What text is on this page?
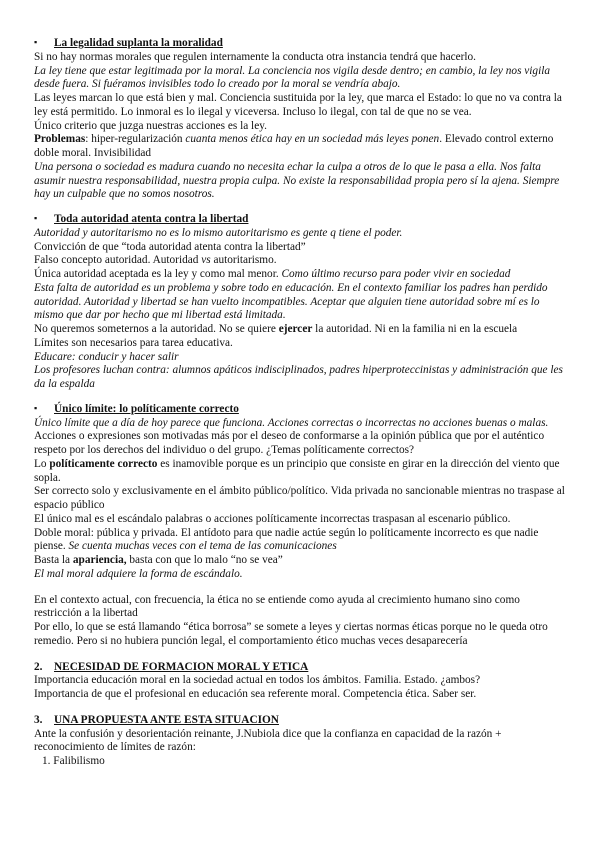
▪ La legalidad suplanta la moralidad

Si no hay normas morales que regulen internamente la conducta otra instancia tendrá que hacerlo.

La ley tiene que estar legitimada por la moral. La conciencia nos vigila desde dentro; en cambio, la ley nos vigila desde fuera. Si fuéramos invisibles todo lo creado por la moral se vendría abajo.

Las leyes marcan lo que está bien y mal. Conciencia sustituida por la ley, que marca el Estado: lo que no va contra la ley está permitido. Lo inmoral es lo ilegal y viceversa. Incluso lo ilegal, con tal de que no se vea.

Único criterio que juzga nuestras acciones es la ley.

Problemas: hiper-regularización cuanta menos ética hay en un sociedad más leyes ponen. Elevado control externo doble moral. Invisibilidad

Una persona o sociedad es madura cuando no necesita echar la culpa a otros de lo que le pasa a ella. Nos falta asumir nuestra responsabilidad, nuestra propia culpa. No existe la responsabilidad propia pero sí la ajena. Siempre hay un culpable que no somos nosotros.

▪ Toda autoridad atenta contra la libertad

Autoridad y autoritarismo no es lo mismo autoritarismo es gente q tiene el poder.

Convicción de que “toda autoridad atenta contra la libertad”

Falso concepto autoridad. Autoridad vs autoritarismo.

Única autoridad aceptada es la ley y como mal menor. Como último recurso para poder vivir en sociedad

Esta falta de autoridad es un problema y sobre todo en educación. En el contexto familiar los padres han perdido autoridad. Autoridad y libertad se han vuelto incompatibles. Aceptar que alguien tiene autoridad sobre mí es lo mismo que dar por hecho que mi libertad está limitada.

No queremos someternos a la autoridad. No se quiere ejercer la autoridad. Ni en la familia ni en la escuela

Límites son necesarios para tarea educativa.

Educare: conducir y hacer salir

Los profesores luchan contra: alumnos apáticos indisciplinados, padres hiperproteccinistas y administración que les da la espalda

▪ Único límite: lo políticamente correcto

Único límite que a día de hoy parece que funciona. Acciones correctas o incorrectas no acciones buenas o malas.

Acciones o expresiones son motivadas más por el deseo de conformarse a la opinión pública que por el auténtico respeto por los derechos del individuo o del grupo. ¿Temas políticamente correctos?

Lo políticamente correcto es inamovible porque es un principio que consiste en girar en la dirección del viento que sopla.

Ser correcto solo y exclusivamente en el ámbito público/político. Vida privada no sancionable mientras no traspase al espacio público

El único mal es el escándalo palabras o acciones políticamente incorrectas traspasan al escenario público.

Doble moral: pública y privada. El antídoto para que nadie actúe según lo políticamente incorrecto es que nadie piense. Se cuenta muchas veces con el tema de las comunicaciones

Basta la apariencia, basta con que lo malo “no se vea”

El mal moral adquiere la forma de escándalo.

En el contexto actual, con frecuencia, la ética no se entiende como ayuda al crecimiento humano sino como restricción a la libertad

Por ello, lo que se está llamando “ética borrosa” se somete a leyes y ciertas normas éticas porque no le queda otro remedio. Pero si no hubiera punción legal, el comportamiento ético muchas veces desaparecería

2. NECESIDAD DE FORMACION MORAL Y ETICA

Importancia educación moral en la sociedad actual en todos los ámbitos. Familia. Estado. ¿ambos?

Importancia de que el profesional en educación sea referente moral. Competencia ética. Saber ser.

3. UNA PROPUESTA ANTE ESTA SITUACION

Ante la confusión y desorientación reinante, J.Nubiola dice que la confianza en capacidad de la razón + reconocimiento de límites de razón:

1. Falibilismo
